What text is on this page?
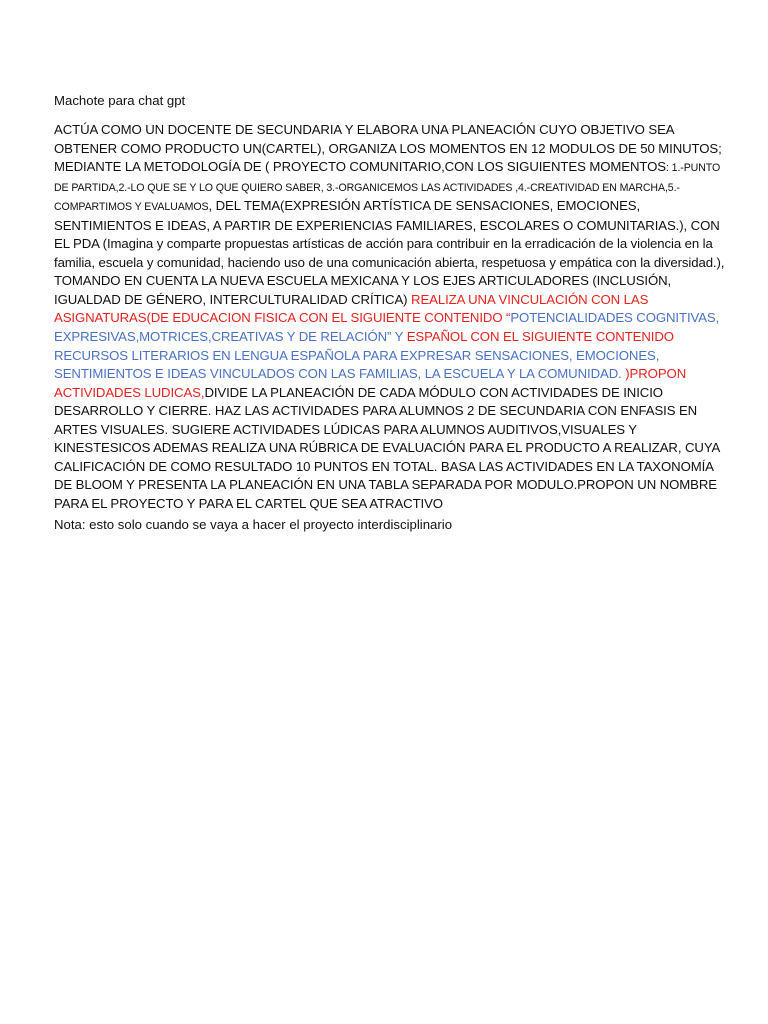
Machote para chat gpt
ACTÚA COMO UN DOCENTE DE SECUNDARIA Y ELABORA UNA PLANEACIÓN CUYO OBJETIVO SEA OBTENER COMO PRODUCTO UN(CARTEL), ORGANIZA LOS MOMENTOS EN 12 MODULOS DE 50 MINUTOS; MEDIANTE LA METODOLOGÍA DE ( PROYECTO COMUNITARIO,CON LOS SIGUIENTES MOMENTOS: 1.-PUNTO DE PARTIDA,2.-LO QUE SE Y LO QUE QUIERO SABER, 3.-ORGANICEMOS LAS ACTIVIDADES ,4.-CREATIVIDAD EN MARCHA,5.-COMPARTIMOS Y EVALUAMOS, DEL TEMA(EXPRESIÓN ARTÍSTICA DE SENSACIONES, EMOCIONES, SENTIMIENTOS E IDEAS, A PARTIR DE EXPERIENCIAS FAMILIARES, ESCOLARES O COMUNITARIAS.), CON EL PDA (Imagina y comparte propuestas artísticas de acción para contribuir en la erradicación de la violencia en la familia, escuela y comunidad, haciendo uso de una comunicación abierta, respetuosa y empática con la diversidad.), TOMANDO EN CUENTA LA NUEVA ESCUELA MEXICANA Y LOS EJES ARTICULADORES (INCLUSIÓN, IGUALDAD DE GÉNERO, INTERCULTURALIDAD CRÍTICA) REALIZA UNA VINCULACIÓN CON LAS ASIGNATURAS(DE EDUCACION FISICA CON EL SIGUIENTE CONTENIDO “POTENCIALIDADES COGNITIVAS, EXPRESIVAS,MOTRICES,CREATIVAS Y DE RELACIÓN” Y ESPAÑOL CON EL SIGUIENTE CONTENIDO RECURSOS LITERARIOS EN LENGUA ESPAÑOLA PARA EXPRESAR SENSACIONES, EMOCIONES, SENTIMIENTOS E IDEAS VINCULADOS CON LAS FAMILIAS, LA ESCUELA Y LA COMUNIDAD. )PROPON ACTIVIDADES LUDICAS,DIVIDE LA PLANEACIÓN DE CADA MÓDULO CON ACTIVIDADES DE INICIO DESARROLLO Y CIERRE. HAZ LAS ACTIVIDADES PARA ALUMNOS 2 DE SECUNDARIA CON ENFASIS EN ARTES VISUALES. SUGIERE ACTIVIDADES LÚDICAS PARA ALUMNOS AUDITIVOS,VISUALES Y KINESTESICOS ADEMAS REALIZA UNA RÚBRICA DE EVALUACIÓN PARA EL PRODUCTO A REALIZAR, CUYA CALIFICACIÓN DE COMO RESULTADO 10 PUNTOS EN TOTAL. BASA LAS ACTIVIDADES EN LA TAXONOMÍA DE BLOOM Y PRESENTA LA PLANEACIÓN EN UNA TABLA SEPARADA POR MODULO.PROPON UN NOMBRE PARA EL PROYECTO Y PARA EL CARTEL QUE SEA ATRACTIVO
Nota: esto solo cuando se vaya a hacer el proyecto interdisciplinario
